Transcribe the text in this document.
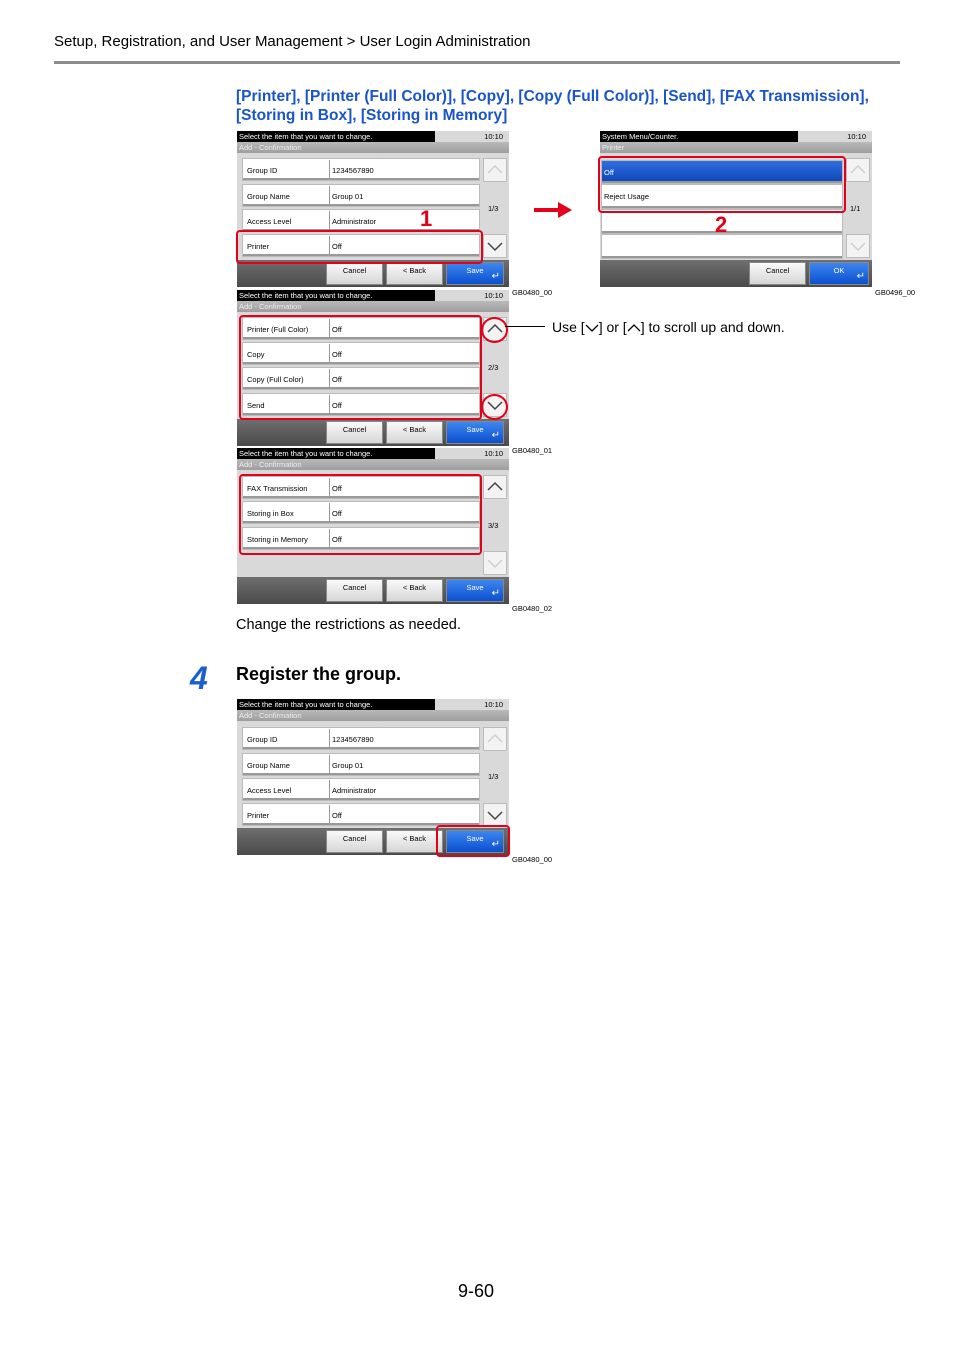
Setup, Registration, and User Management > User Login Administration
[Printer], [Printer (Full Color)], [Copy], [Copy (Full Color)], [Send], [FAX Transmission], [Storing in Box], [Storing in Memory]
Select the item that you want to change.	10:10
Add - Confirmation
Group ID	1234567890
Group Name	Group 01
Access Level	Administrator
Printer	Off
1/3
Cancel	< Back	Save
↵
GB0480_00
1
System Menu/Counter.	10:10
Printer
Off
Reject Usage
1/1
Cancel	OK
↵
GB0496_00
2
Select the item that you want to change.	10:10
Add - Confirmation
Printer (Full Color)	Off
Copy	Off
Copy (Full Color)	Off
Send	Off
2/3
Cancel	< Back	Save
↵
GB0480_01
Use [ ] or [ ] to scroll up and down.
Select the item that you want to change.	10:10
Add - Confirmation
FAX Transmission	Off
Storing in Box	Off
Storing in Memory	Off
3/3
Cancel	< Back	Save
↵
GB0480_02
Change the restrictions as needed.
4 Register the group.
Select the item that you want to change.	10:10
Add - Confirmation
Group ID	1234567890
Group Name	Group 01
Access Level	Administrator
Printer	Off
1/3
Cancel	< Back	Save
↵
GB0480_00
9-60
